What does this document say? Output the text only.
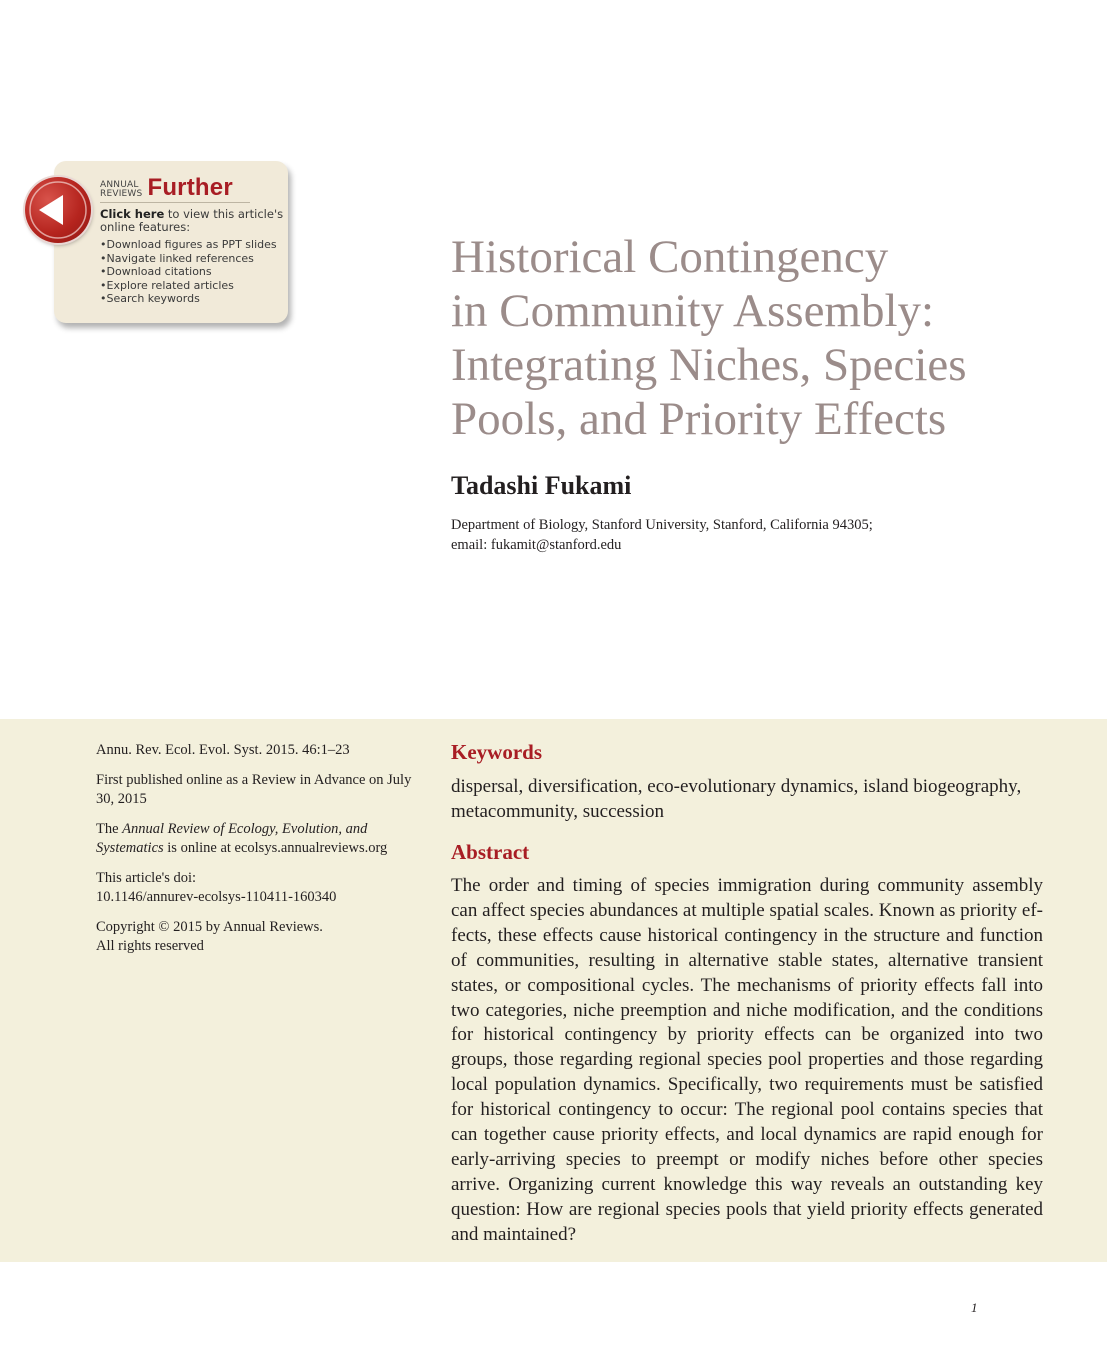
ANNUAL
REVIEWS Further
Click here to view this article's online features:
• Download figures as PPT slides
• Navigate linked references
• Download citations
• Explore related articles
• Search keywords
Historical Contingency
in Community Assembly:
Integrating Niches, Species
Pools, and Priority Effects
Tadashi Fukami
Department of Biology, Stanford University, Stanford, California 94305;
email: fukamit@stanford.edu

Annu. Rev. Ecol. Evol. Syst. 2015. 46:1–23

First published online as a Review in Advance on July 30, 2015

The Annual Review of Ecology, Evolution, and Systematics is online at ecolsys.annualreviews.org

This article's doi:
10.1146/annurev-ecolsys-110411-160340

Copyright © 2015 by Annual Reviews.
All rights reserved

Keywords
dispersal, diversification, eco-evolutionary dynamics, island biogeography, metacommunity, succession
Abstract
The order and timing of species immigration during community assembly can affect species abundances at multiple spatial scales. Known as priority effects, these effects cause historical contingency in the structure and function of communities, resulting in alternative stable states, alternative transient states, or compositional cycles. The mechanisms of priority effects fall into two categories, niche preemption and niche modification, and the conditions for historical contingency by priority effects can be organized into two groups, those regarding regional species pool properties and those regarding local population dynamics. Specifically, two requirements must be satisfied for historical contingency to occur: The regional pool contains species that can together cause priority effects, and local dynamics are rapid enough for early-arriving species to preempt or modify niches before other species arrive. Organizing current knowledge this way reveals an outstanding key question: How are regional species pools that yield priority effects generated and maintained?
1
